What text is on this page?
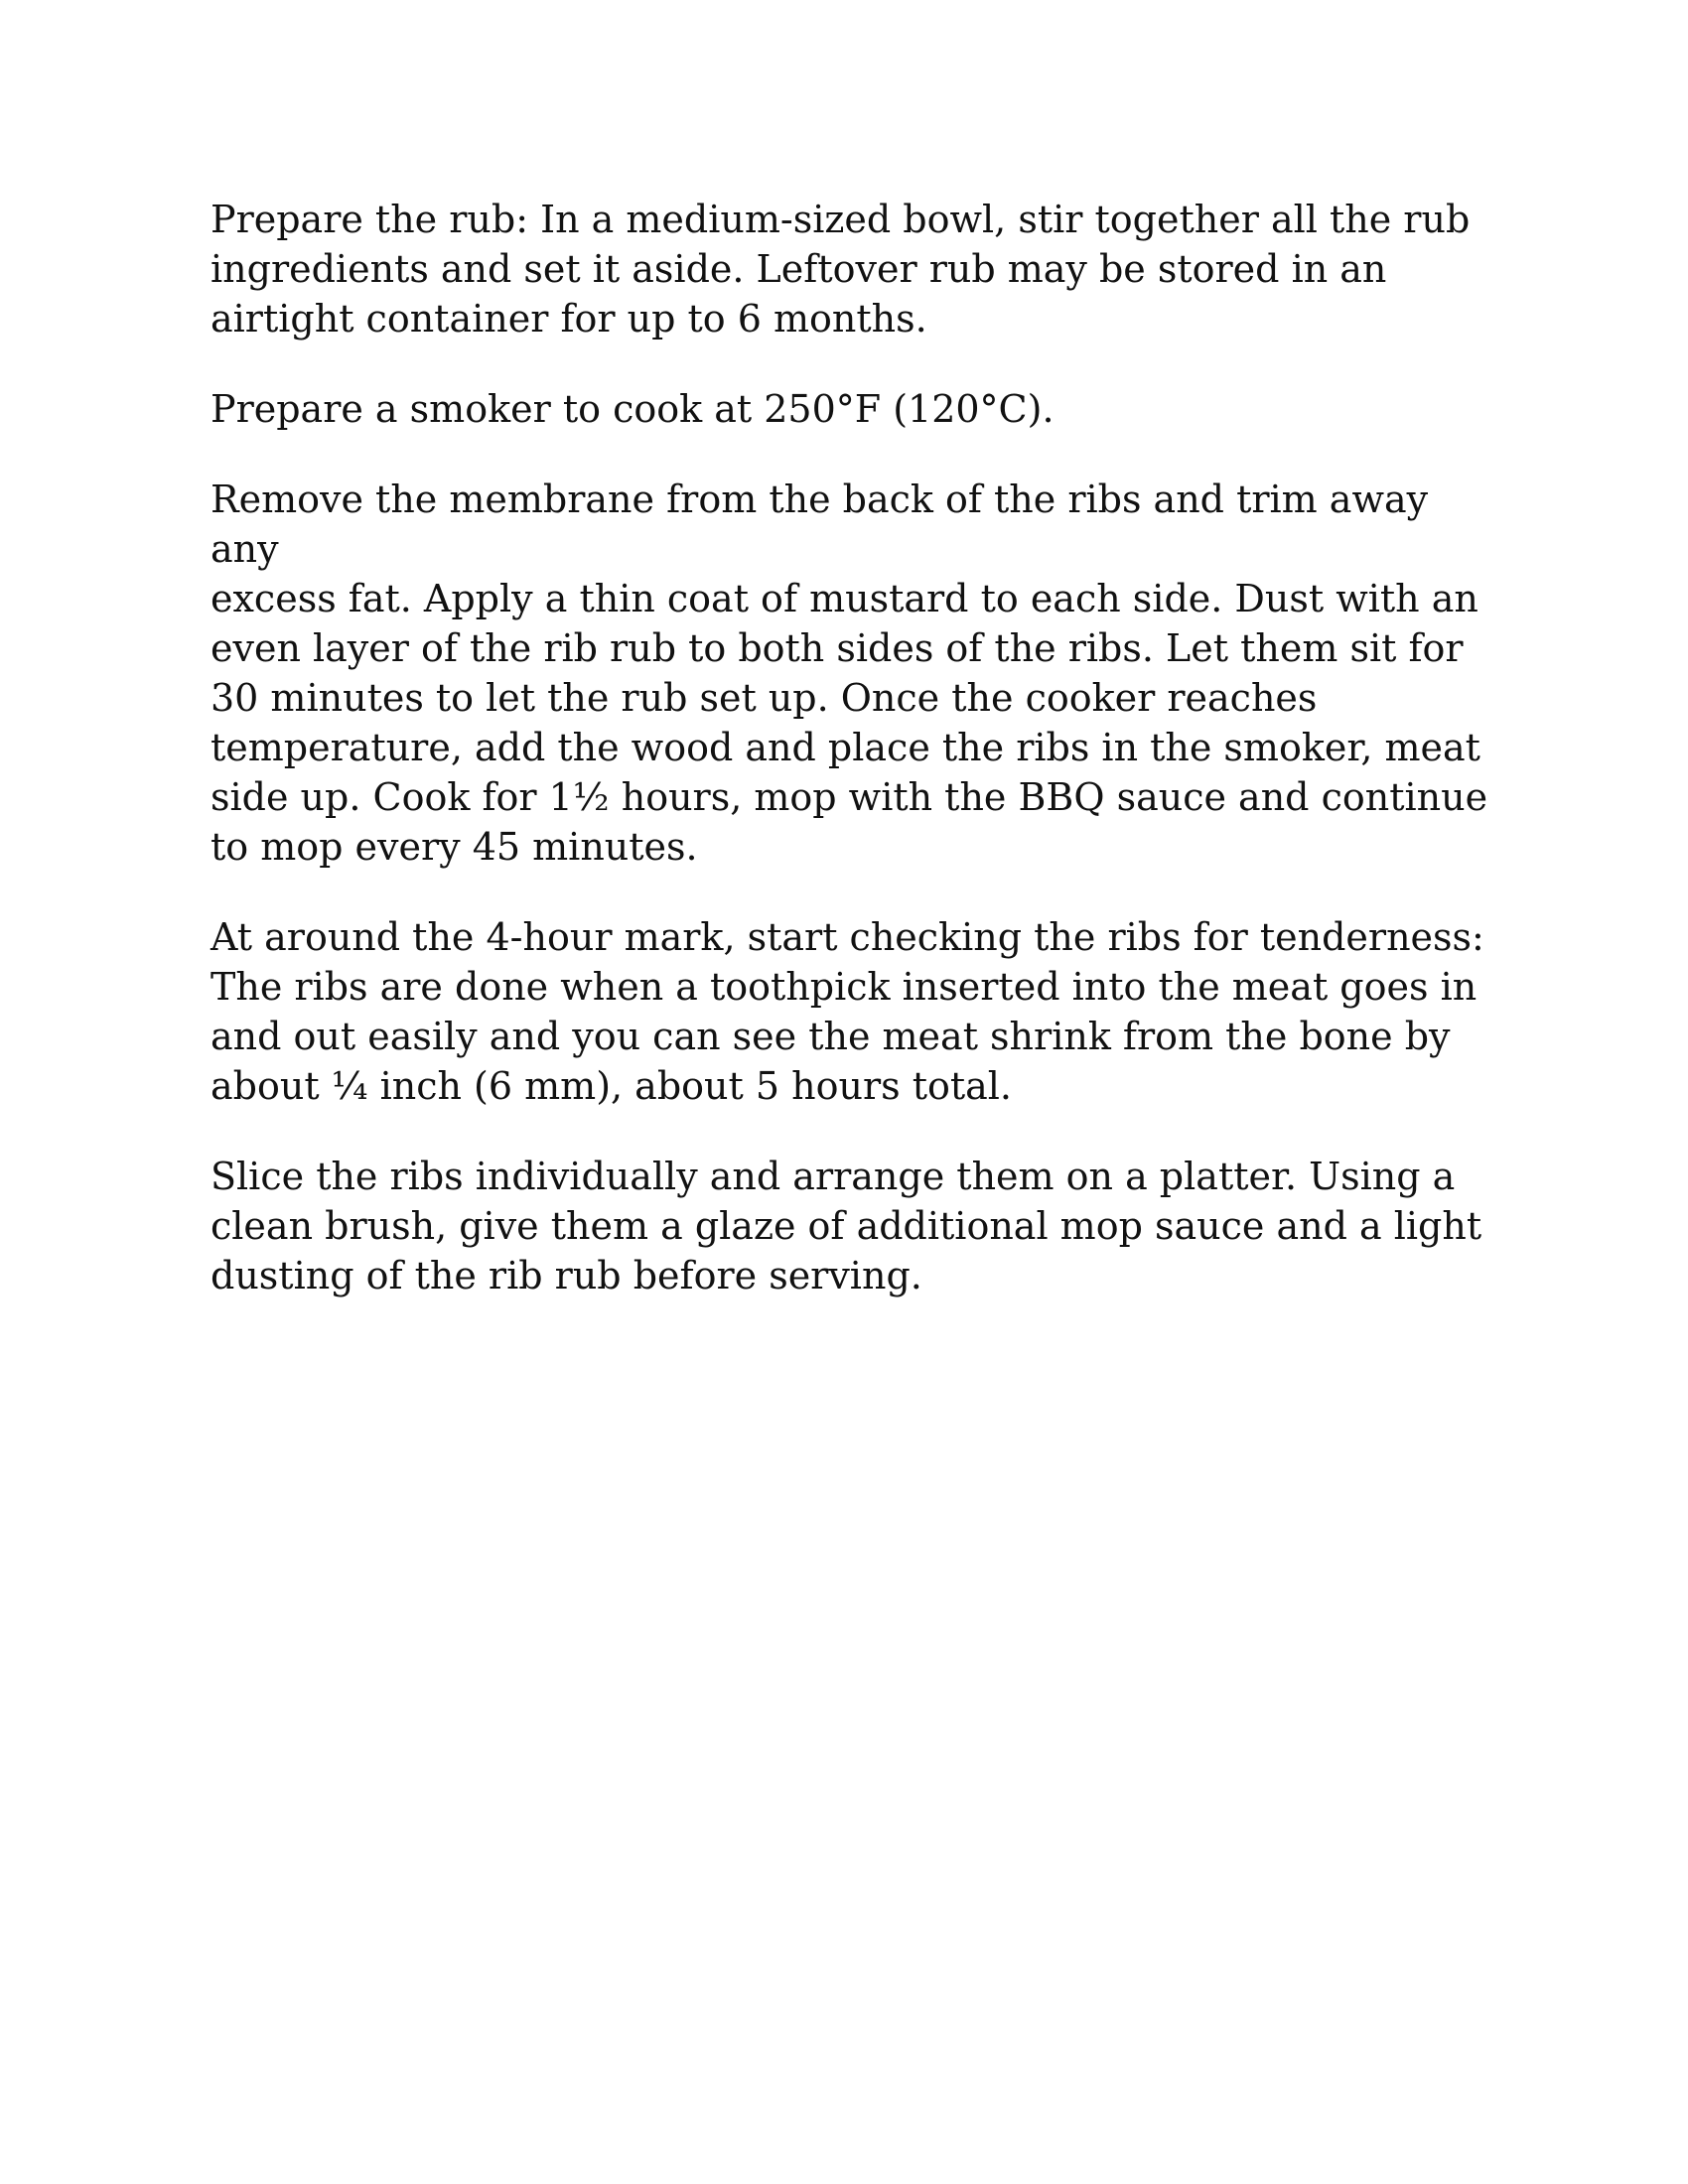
Prepare the rub: In a medium-sized bowl, stir together all the rub
ingredients and set it aside. Leftover rub may be stored in an
airtight container for up to 6 months.

Prepare a smoker to cook at 250°F (120°C).

Remove the membrane from the back of the ribs and trim away any
excess fat. Apply a thin coat of mustard to each side. Dust with an
even layer of the rib rub to both sides of the ribs. Let them sit for
30 minutes to let the rub set up. Once the cooker reaches
temperature, add the wood and place the ribs in the smoker, meat
side up. Cook for 1½ hours, mop with the BBQ sauce and continue
to mop every 45 minutes.

At around the 4-hour mark, start checking the ribs for tenderness:
The ribs are done when a toothpick inserted into the meat goes in
and out easily and you can see the meat shrink from the bone by
about ¼ inch (6 mm), about 5 hours total.

Slice the ribs individually and arrange them on a platter. Using a
clean brush, give them a glaze of additional mop sauce and a light
dusting of the rib rub before serving.
